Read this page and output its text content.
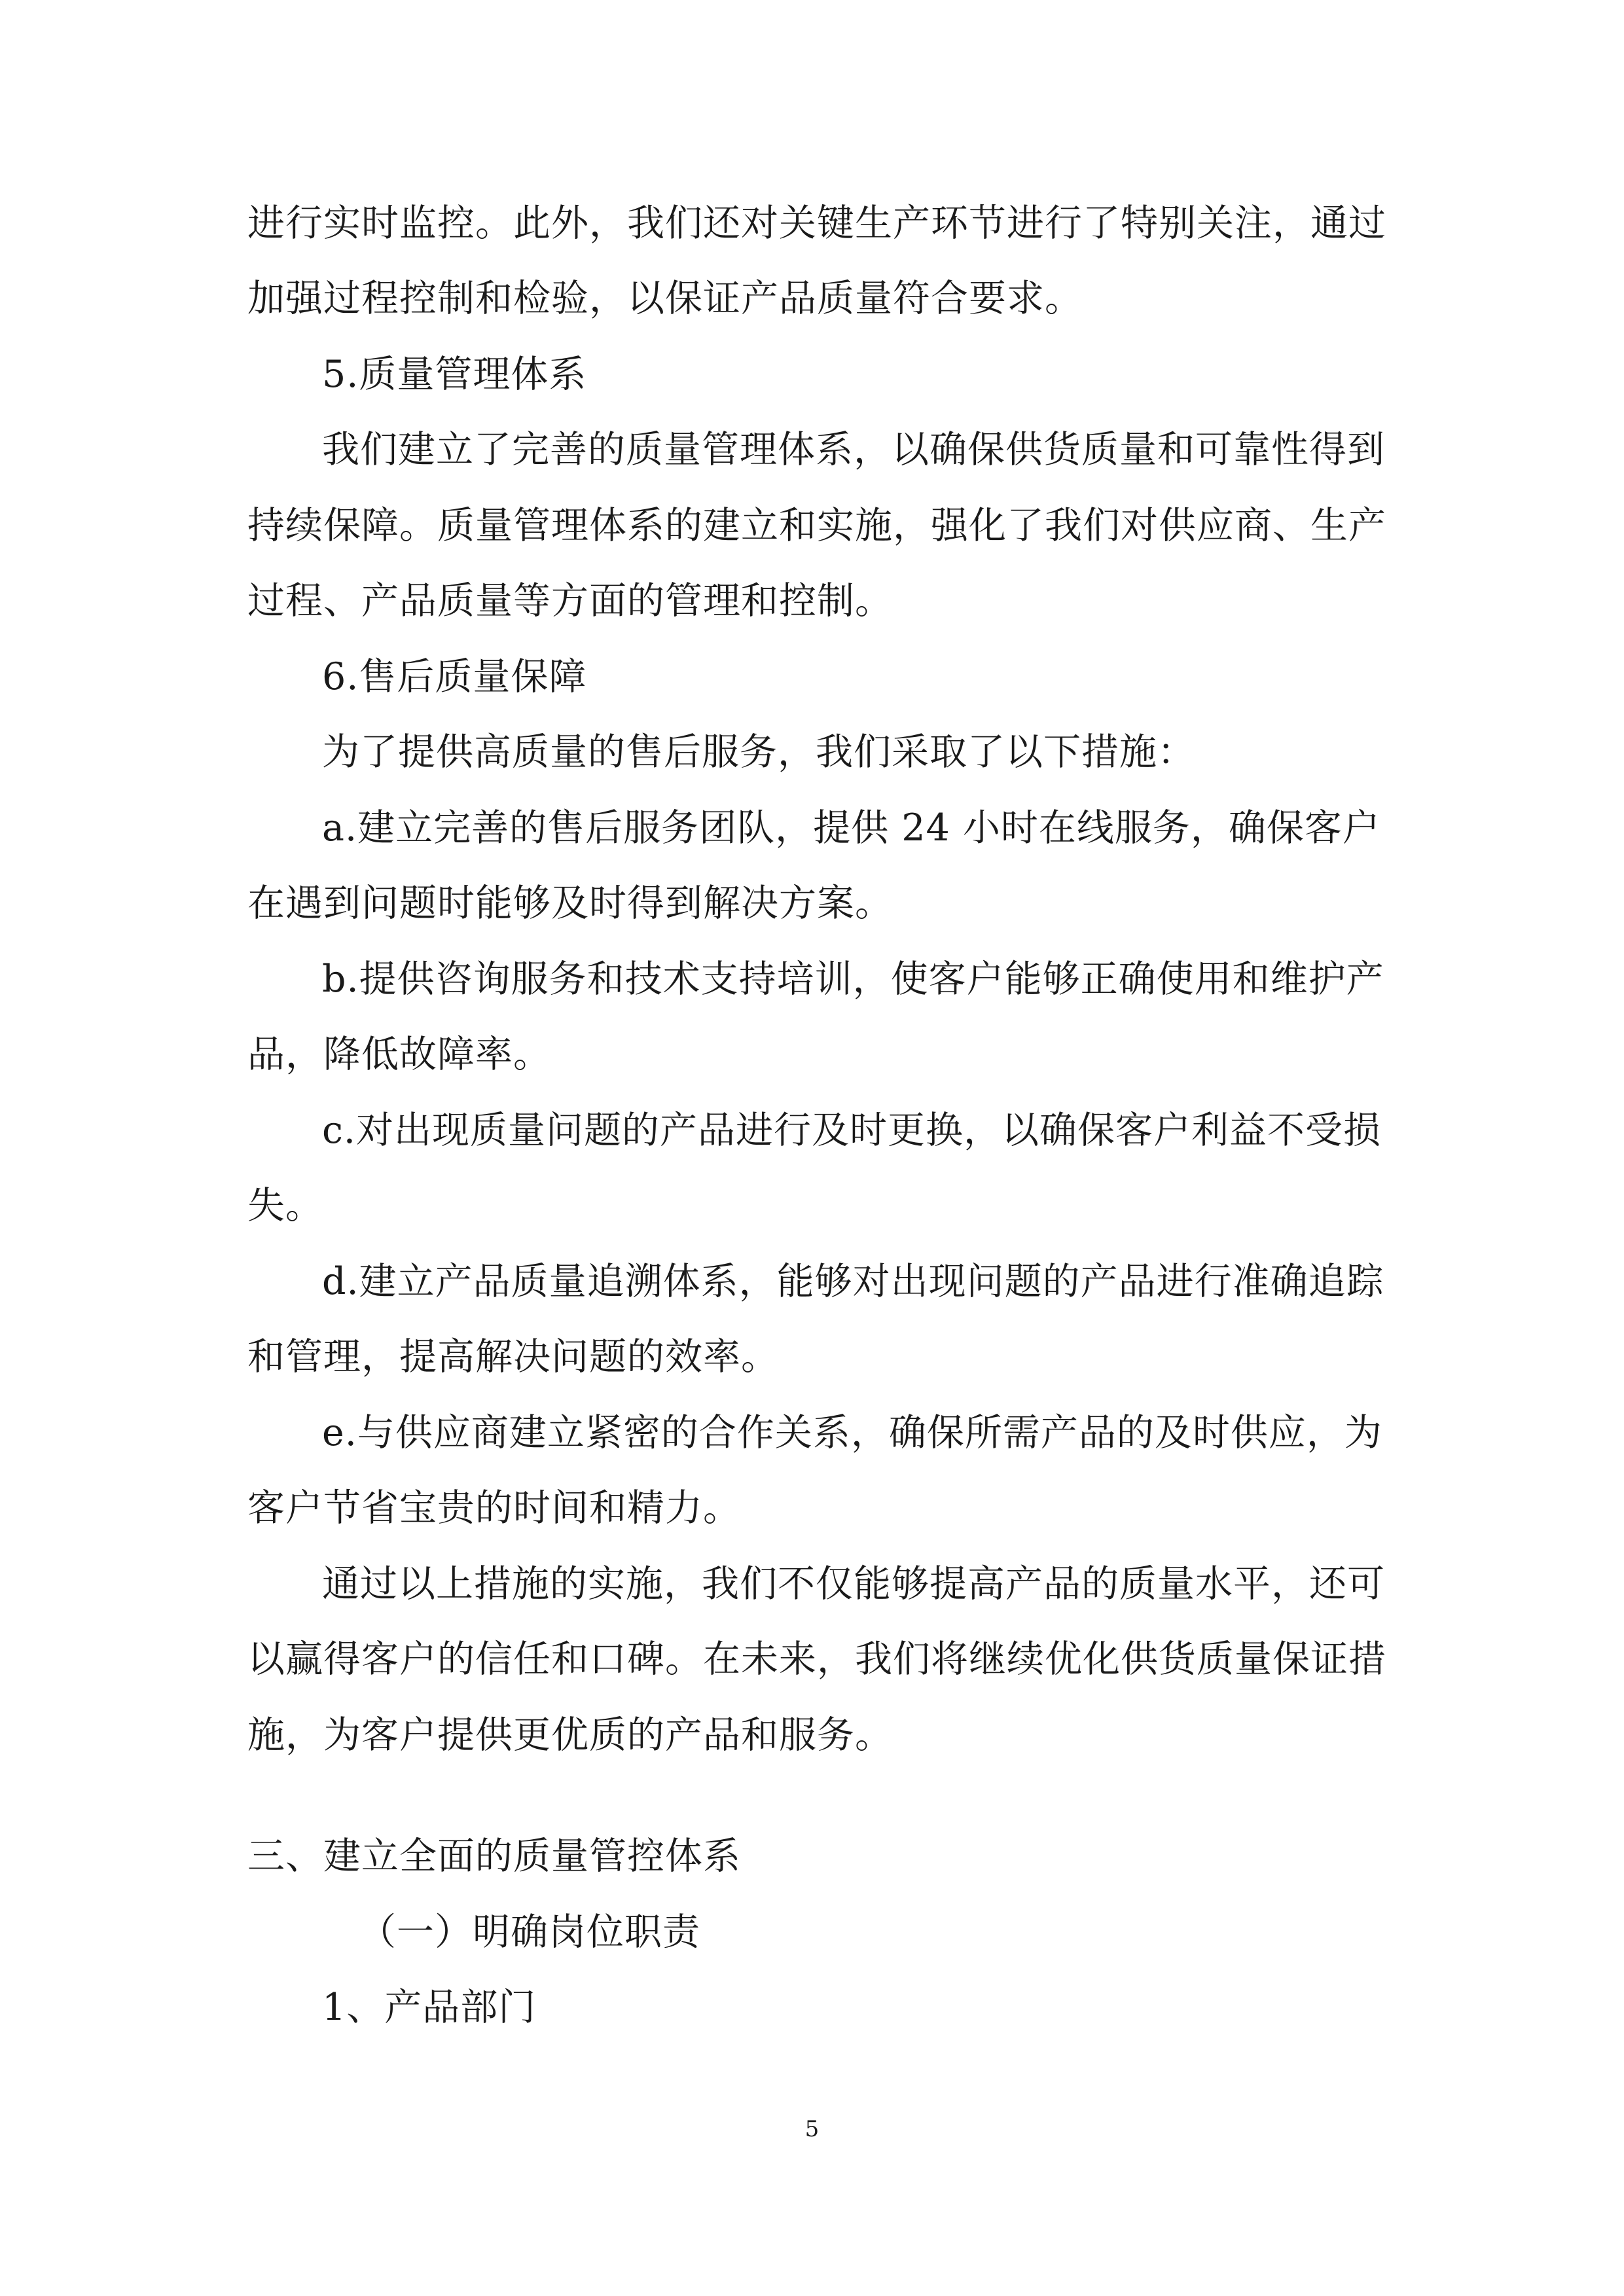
进行实时监控。此外，我们还对关键生产环节进行了特别关注，通过
加强过程控制和检验，以保证产品质量符合要求。
5.质量管理体系
我们建立了完善的质量管理体系，以确保供货质量和可靠性得到
持续保障。质量管理体系的建立和实施，强化了我们对供应商、生产
过程、产品质量等方面的管理和控制。
6.售后质量保障
为了提供高质量的售后服务，我们采取了以下措施：
a.建立完善的售后服务团队，提供 24 小时在线服务，确保客户
在遇到问题时能够及时得到解决方案。
b.提供咨询服务和技术支持培训，使客户能够正确使用和维护产
品，降低故障率。
c.对出现质量问题的产品进行及时更换，以确保客户利益不受损
失。
d.建立产品质量追溯体系，能够对出现问题的产品进行准确追踪
和管理，提高解决问题的效率。
e.与供应商建立紧密的合作关系，确保所需产品的及时供应，为
客户节省宝贵的时间和精力。
通过以上措施的实施，我们不仅能够提高产品的质量水平，还可
以赢得客户的信任和口碑。在未来，我们将继续优化供货质量保证措
施，为客户提供更优质的产品和服务。
三、建立全面的质量管控体系
（一）明确岗位职责
1、产品部门
5
